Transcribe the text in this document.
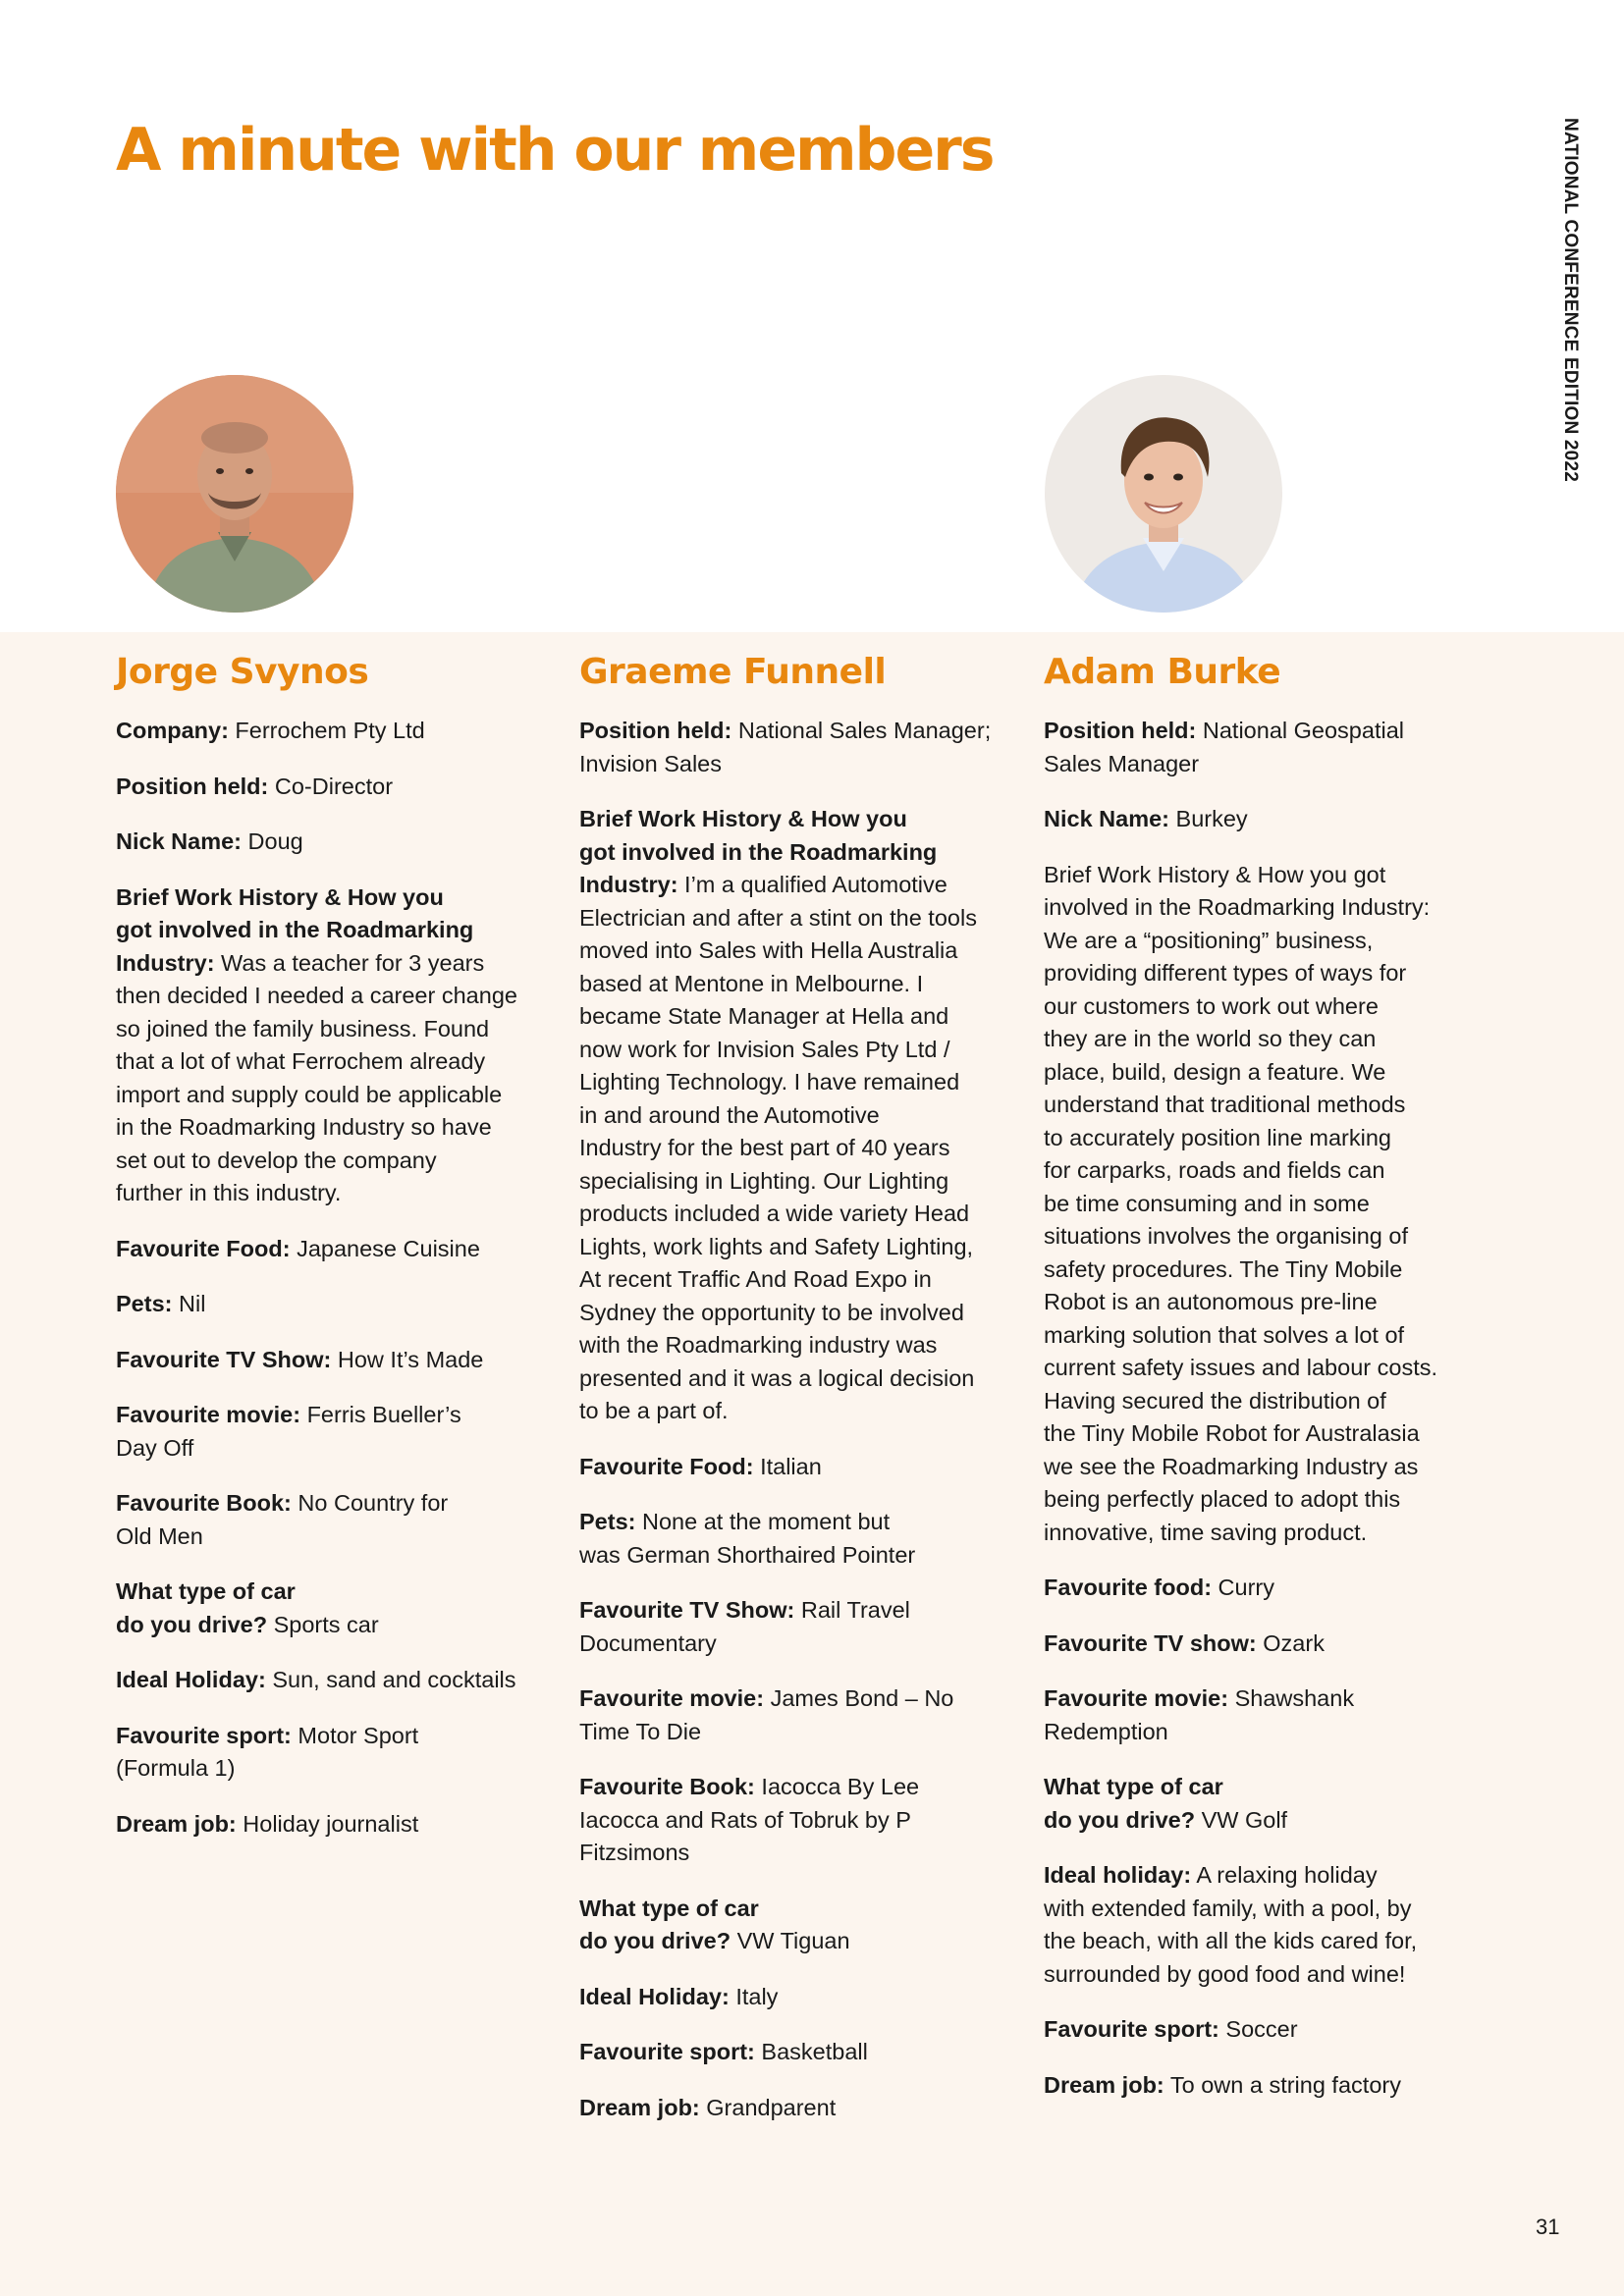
A minute with our members	NATIONAL CONFERENCE EDITION 2022
Jorge Svynos

Company: Ferrochem Pty Ltd

Position held: Co-Director

Nick Name: Doug

Brief Work History & How you
got involved in the Roadmarking
Industry: Was a teacher for 3 years
then decided I needed a career change
so joined the family business. Found
that a lot of what Ferrochem already
import and supply could be applicable
in the Roadmarking Industry so have
set out to develop the company
further in this industry.

Favourite Food: Japanese Cuisine

Pets: Nil

Favourite TV Show: How It’s Made

Favourite movie: Ferris Bueller’s
Day Off

Favourite Book: No Country for
Old Men

What type of car
do you drive? Sports car

Ideal Holiday: Sun, sand and cocktails

Favourite sport: Motor Sport
(Formula 1)

Dream job: Holiday journalist

Graeme Funnell

Position held: National Sales Manager;
Invision Sales

Brief Work History & How you
got involved in the Roadmarking
Industry: I’m a qualified Automotive
Electrician and after a stint on the tools
moved into Sales with Hella Australia
based at Mentone in Melbourne. I
became State Manager at Hella and
now work for Invision Sales Pty Ltd /
Lighting Technology. I have remained
in and around the Automotive
Industry for the best part of 40 years
specialising in Lighting. Our Lighting
products included a wide variety Head
Lights, work lights and Safety Lighting,
At recent Traffic And Road Expo in
Sydney the opportunity to be involved
with the Roadmarking industry was
presented and it was a logical decision
to be a part of.

Favourite Food: Italian

Pets: None at the moment but
was German Shorthaired Pointer

Favourite TV Show: Rail Travel
Documentary

Favourite movie: James Bond – No
Time To Die

Favourite Book: Iacocca By Lee
Iacocca and Rats of Tobruk by P
Fitzsimons

What type of car
do you drive? VW Tiguan

Ideal Holiday: Italy

Favourite sport: Basketball

Dream job: Grandparent

Adam Burke

Position held: National Geospatial
Sales Manager

Nick Name: Burkey

Brief Work History & How you got
involved in the Roadmarking Industry:
We are a “positioning” business,
providing different types of ways for
our customers to work out where
they are in the world so they can
place, build, design a feature. We
understand that traditional methods
to accurately position line marking
for carparks, roads and fields can
be time consuming and in some
situations involves the organising of
safety procedures. The Tiny Mobile
Robot is an autonomous pre-line
marking solution that solves a lot of
current safety issues and labour costs.
Having secured the distribution of
the Tiny Mobile Robot for Australasia
we see the Roadmarking Industry as
being perfectly placed to adopt this
innovative, time saving product.

Favourite food: Curry

Favourite TV show: Ozark

Favourite movie: Shawshank
Redemption

What type of car
do you drive? VW Golf

Ideal holiday: A relaxing holiday
with extended family, with a pool, by
the beach, with all the kids cared for,
surrounded by good food and wine!

Favourite sport: Soccer

Dream job: To own a string factory

31
